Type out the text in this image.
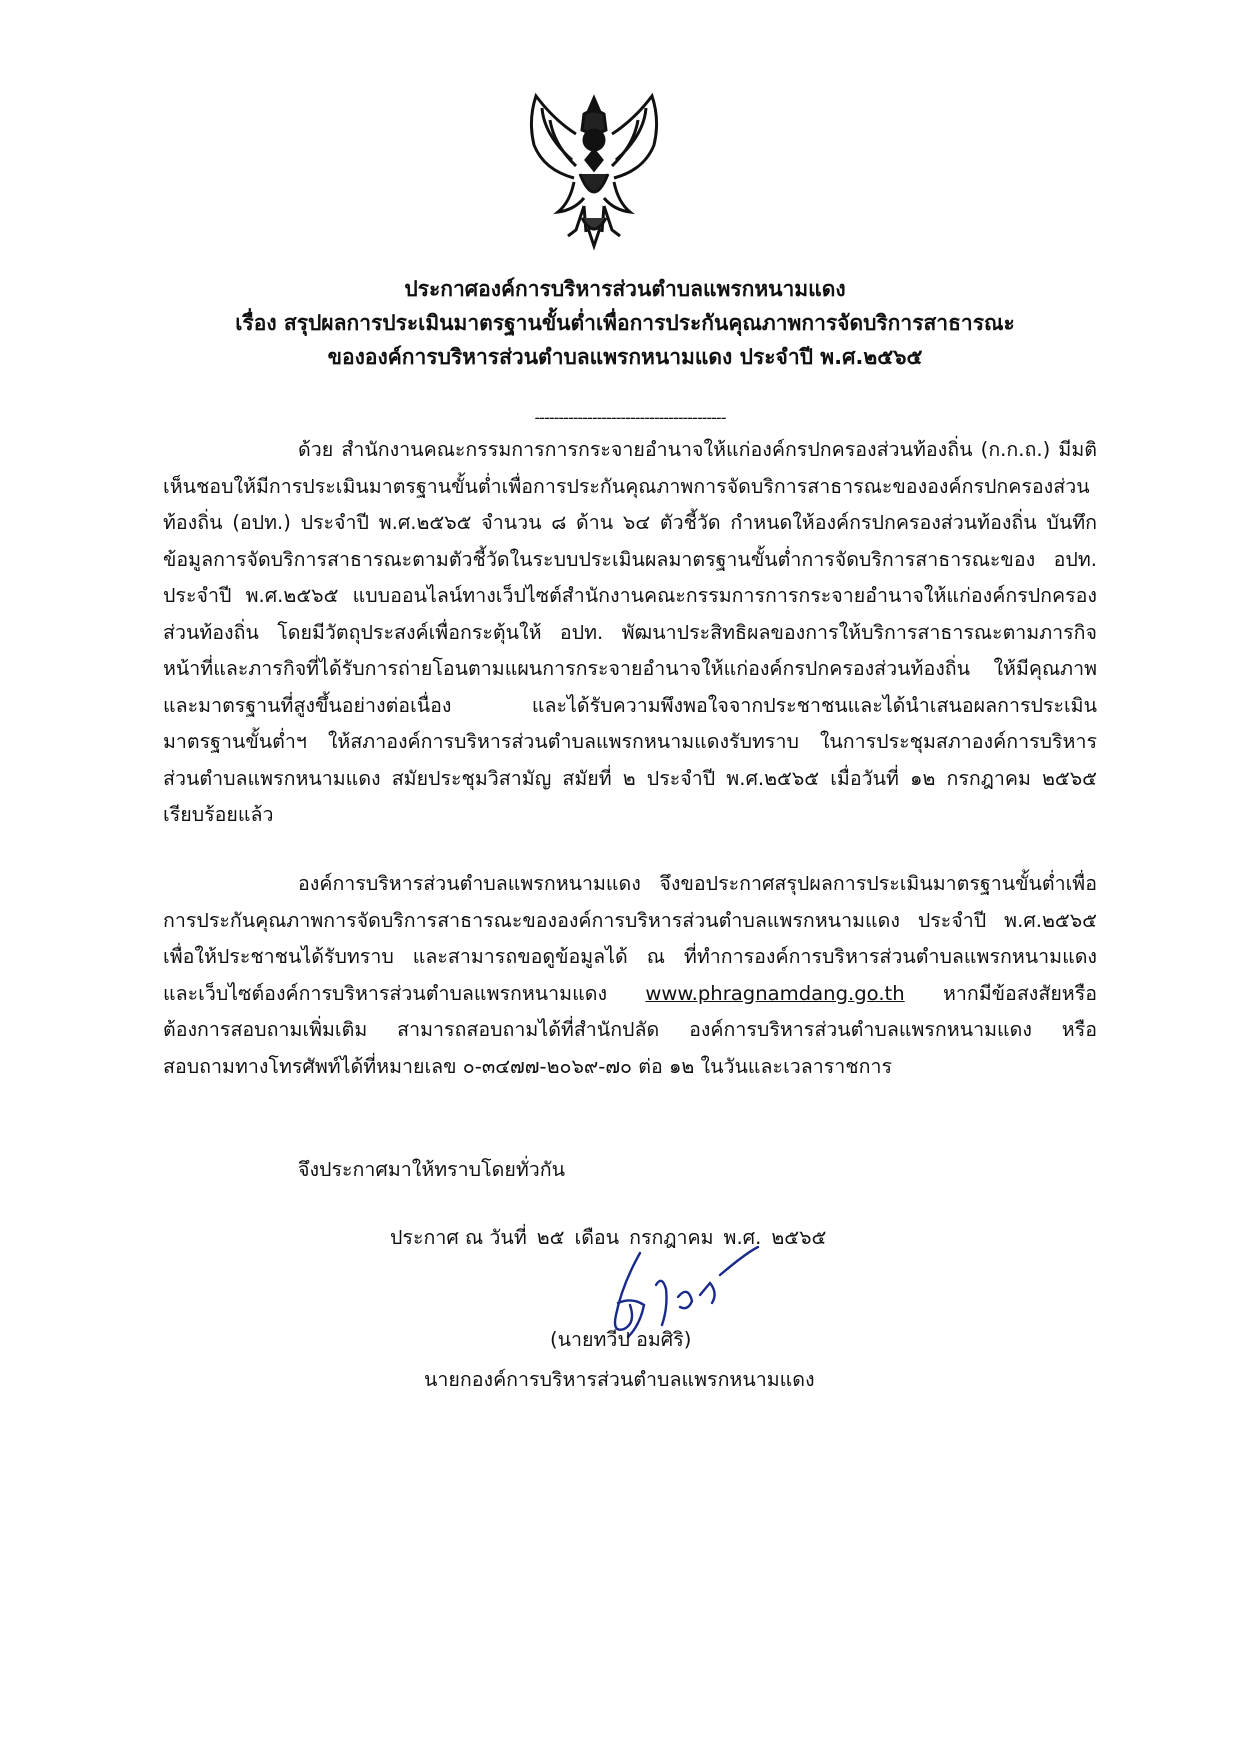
ประกาศองค์การบริหารส่วนตำบลแพรกหนามแดง
เรื่อง สรุปผลการประเมินมาตรฐานขั้นต่ำเพื่อการประกันคุณภาพการจัดบริการสาธารณะ
ขององค์การบริหารส่วนตำบลแพรกหนามแดง ประจำปี พ.ศ.๒๕๖๕
----------------------------------------
ด้วย สำนักงานคณะกรรมการการกระจายอำนาจให้แก่องค์กรปกครองส่วนท้องถิ่น (ก.ก.ถ.) มีมติเห็นชอบให้มีการประเมินมาตรฐานขั้นต่ำเพื่อการประกันคุณภาพการจัดบริการสาธารณะขององค์กรปกครองส่วนท้องถิ่น (อปท.) ประจำปี พ.ศ.๒๕๖๕ จำนวน ๘ ด้าน ๖๔ ตัวชี้วัด กำหนดให้องค์กรปกครองส่วนท้องถิ่น บันทึกข้อมูลการจัดบริการสาธารณะตามตัวชี้วัดในระบบประเมินผลมาตรฐานขั้นต่ำการจัดบริการสาธารณะของ อปท. ประจำปี พ.ศ.๒๕๖๕ แบบออนไลน์ทางเว็ปไซต์สำนักงานคณะกรรมการการกระจายอำนาจให้แก่องค์กรปกครองส่วนท้องถิ่น โดยมีวัตถุประสงค์เพื่อกระตุ้นให้ อปท. พัฒนาประสิทธิผลของการให้บริการสาธารณะตามภารกิจหน้าที่และภารกิจที่ได้รับการถ่ายโอนตามแผนการกระจายอำนาจให้แก่องค์กรปกครองส่วนท้องถิ่น ให้มีคุณภาพและมาตรฐานที่สูงขึ้นอย่างต่อเนื่อง และได้รับความพึงพอใจจากประชาชนและได้นำเสนอผลการประเมินมาตรฐานขั้นต่ำฯ ให้สภาองค์การบริหารส่วนตำบลแพรกหนามแดงรับทราบ ในการประชุมสภาองค์การบริหารส่วนตำบลแพรกหนามแดง สมัยประชุมวิสามัญ สมัยที่ ๒ ประจำปี พ.ศ.๒๕๖๕ เมื่อวันที่ ๑๒ กรกฎาคม ๒๕๖๕ เรียบร้อยแล้ว
องค์การบริหารส่วนตำบลแพรกหนามแดง จึงขอประกาศสรุปผลการประเมินมาตรฐานขั้นต่ำเพื่อการประกันคุณภาพการจัดบริการสาธารณะขององค์การบริหารส่วนตำบลแพรกหนามแดง ประจำปี พ.ศ.๒๕๖๕ เพื่อให้ประชาชนได้รับทราบ และสามารถขอดูข้อมูลได้ ณ ที่ทำการองค์การบริหารส่วนตำบลแพรกหนามแดง และเว็บไซต์องค์การบริหารส่วนตำบลแพรกหนามแดง www.phragnamdang.go.th หากมีข้อสงสัยหรือต้องการสอบถามเพิ่มเติม สามารถสอบถามได้ที่สำนักปลัด องค์การบริหารส่วนตำบลแพรกหนามแดง หรือสอบถามทางโทรศัพท์ได้ที่หมายเลข ๐-๓๔๗๗-๒๐๖๙-๗๐ ต่อ ๑๒ ในวันและเวลาราชการ
จึงประกาศมาให้ทราบโดยทั่วกัน
ประกาศ ณ วันที่ ๒๕ เดือน กรกฎาคม พ.ศ. ๒๕๖๕
(นายทวีป อมศิริ)
นายกองค์การบริหารส่วนตำบลแพรกหนามแดง
